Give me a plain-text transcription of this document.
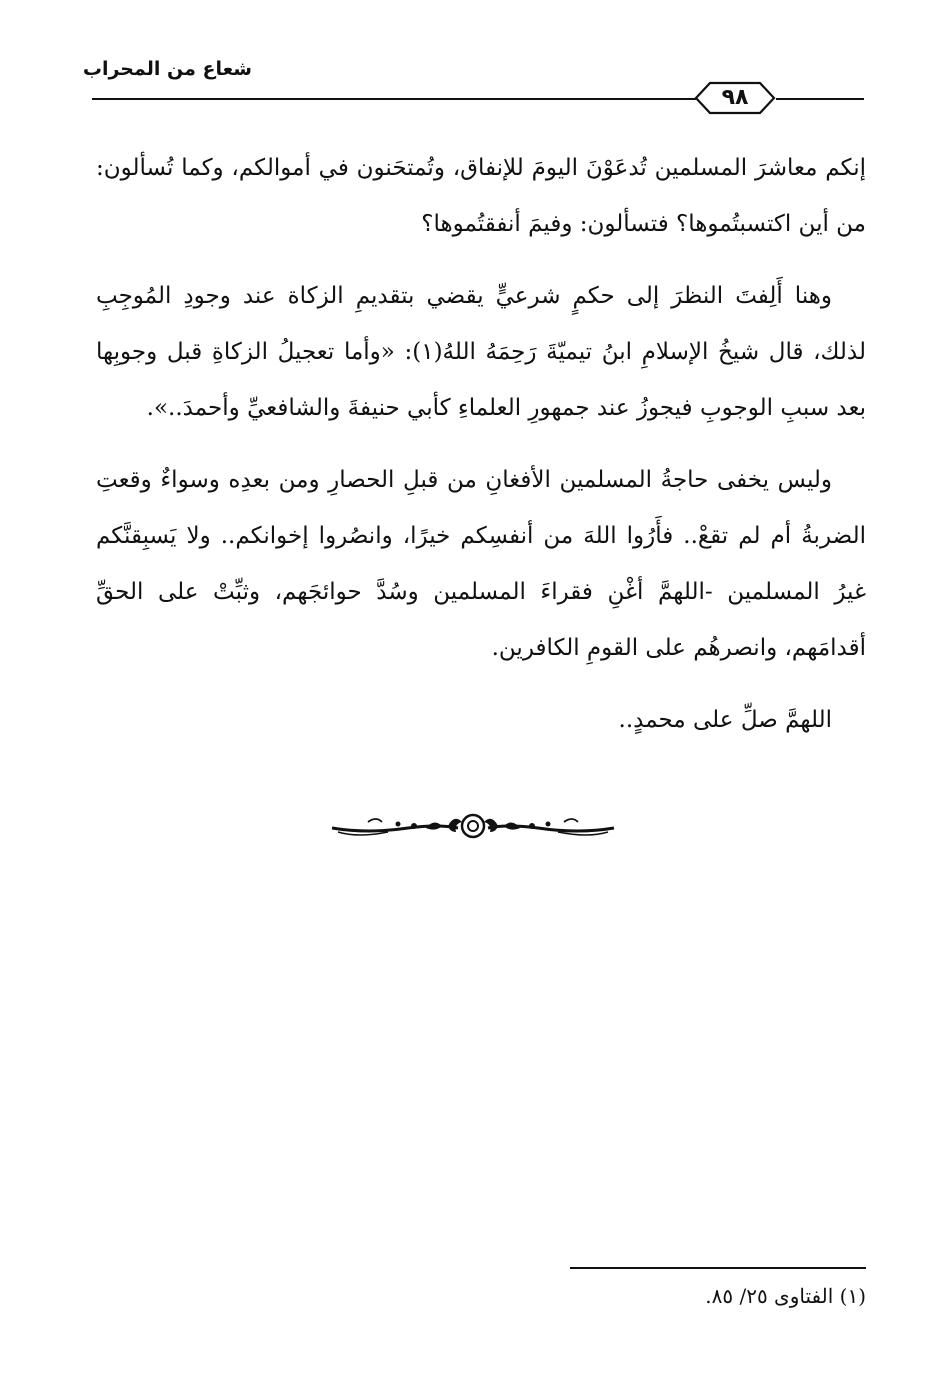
شعاع من المحراب
٩٨

إنكم معاشرَ المسلمين تُدعَوْنَ اليومَ للإنفاق، وتُمتحَنون في أموالكم، وكما تُسألون: من أين اكتسبتُموها؟ فتسألون: وفيمَ أنفقتُموها؟

وهنا أَلِفتَ النظرَ إلى حكمٍ شرعيٍّ يقضي بتقديمِ الزكاة عند وجودِ المُوجِبِ لذلك، قال شيخُ الإسلامِ ابنُ تيميّةَ رَحِمَهُ اللهُ(١): «وأما تعجيلُ الزكاةِ قبل وجوبِها بعد سببِ الوجوبِ فيجوزُ عند جمهورِ العلماءِ كأبي حنيفةَ والشافعيِّ وأحمدَ..».

وليس يخفى حاجةُ المسلمين الأفغانِ من قبلِ الحصارِ ومن بعدِه وسواءٌ وقعتِ الضربةُ أم لم تقعْ.. فأَرُوا اللهَ من أنفسِكم خيرًا، وانصُروا إخوانكم.. ولا يَسبِقنَّكم غيرُ المسلمين -اللهمَّ أغْنِ فقراءَ المسلمين وسُدَّ حوائجَهم، وثبِّتْ على الحقِّ أقدامَهم، وانصرهُم على القومِ الكافرين.

اللهمَّ صلِّ على محمدٍ..

(١) الفتاوى ٢٥/ ٨٥.
